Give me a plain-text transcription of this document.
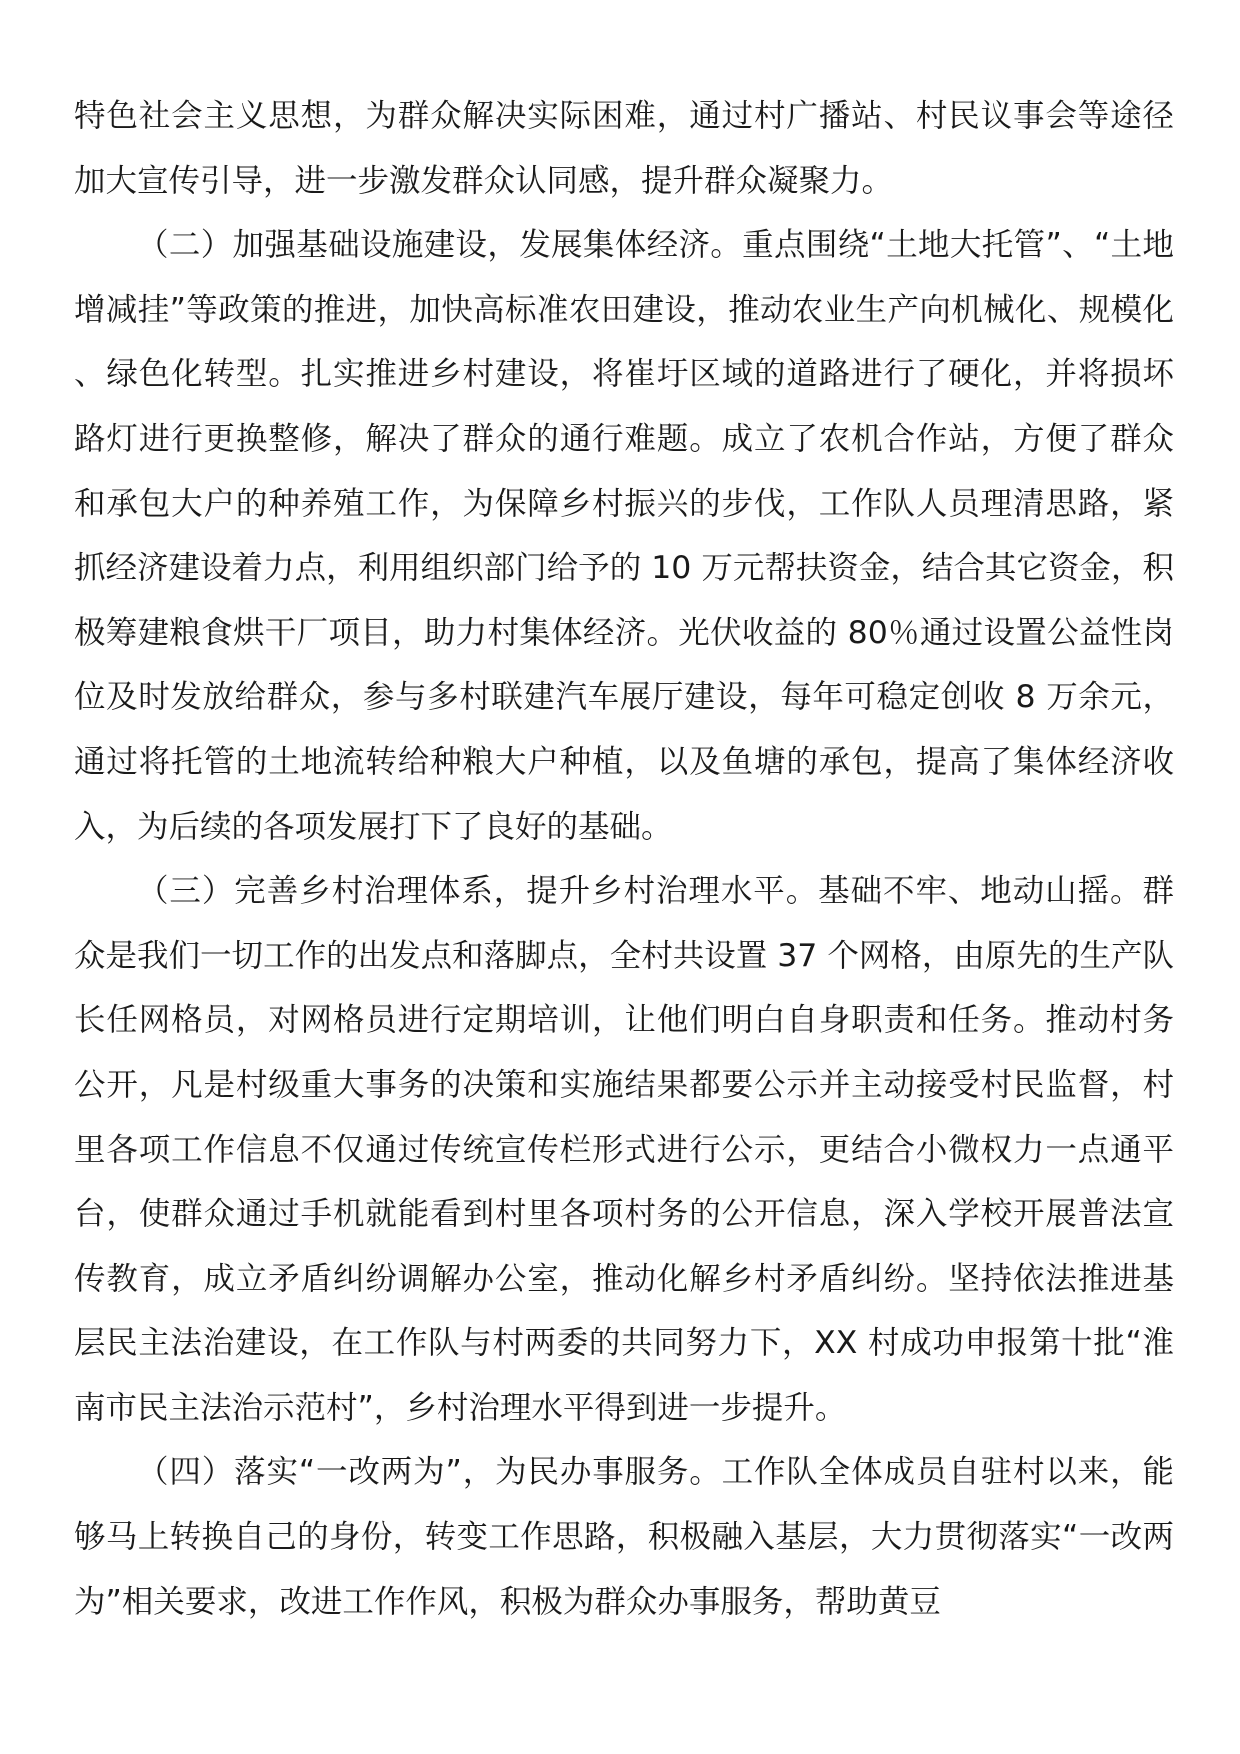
特色社会主义思想，为群众解决实际困难，通过村广播站、村民议事会等途径加大宣传引导，进一步激发群众认同感，提升群众凝聚力。

（二）加强基础设施建设，发展集体经济。重点围绕“土地大托管”、“土地增减挂”等政策的推进，加快高标准农田建设，推动农业生产向机械化、规模化、绿色化转型。扎实推进乡村建设，将崔圩区域的道路进行了硬化，并将损坏路灯进行更换整修，解决了群众的通行难题。成立了农机合作站，方便了群众和承包大户的种养殖工作，为保障乡村振兴的步伐，工作队人员理清思路，紧抓经济建设着力点，利用组织部门给予的 10 万元帮扶资金，结合其它资金，积极筹建粮食烘干厂项目，助力村集体经济。光伏收益的 80％通过设置公益性岗位及时发放给群众，参与多村联建汽车展厅建设，每年可稳定创收 8 万余元，通过将托管的土地流转给种粮大户种植，以及鱼塘的承包，提高了集体经济收入，为后续的各项发展打下了良好的基础。

（三）完善乡村治理体系，提升乡村治理水平。基础不牢、地动山摇。群众是我们一切工作的出发点和落脚点，全村共设置 37 个网格，由原先的生产队长任网格员，对网格员进行定期培训，让他们明白自身职责和任务。推动村务公开，凡是村级重大事务的决策和实施结果都要公示并主动接受村民监督，村里各项工作信息不仅通过传统宣传栏形式进行公示，更结合小微权力一点通平台，使群众通过手机就能看到村里各项村务的公开信息，深入学校开展普法宣传教育，成立矛盾纠纷调解办公室，推动化解乡村矛盾纠纷。坚持依法推进基层民主法治建设，在工作队与村两委的共同努力下，XX 村成功申报第十批“淮南市民主法治示范村”，乡村治理水平得到进一步提升。

（四）落实“一改两为”，为民办事服务。工作队全体成员自驻村以来，能够马上转换自己的身份，转变工作思路，积极融入基层，大力贯彻落实“一改两为”相关要求，改进工作作风，积极为群众办事服务，帮助黄豆
